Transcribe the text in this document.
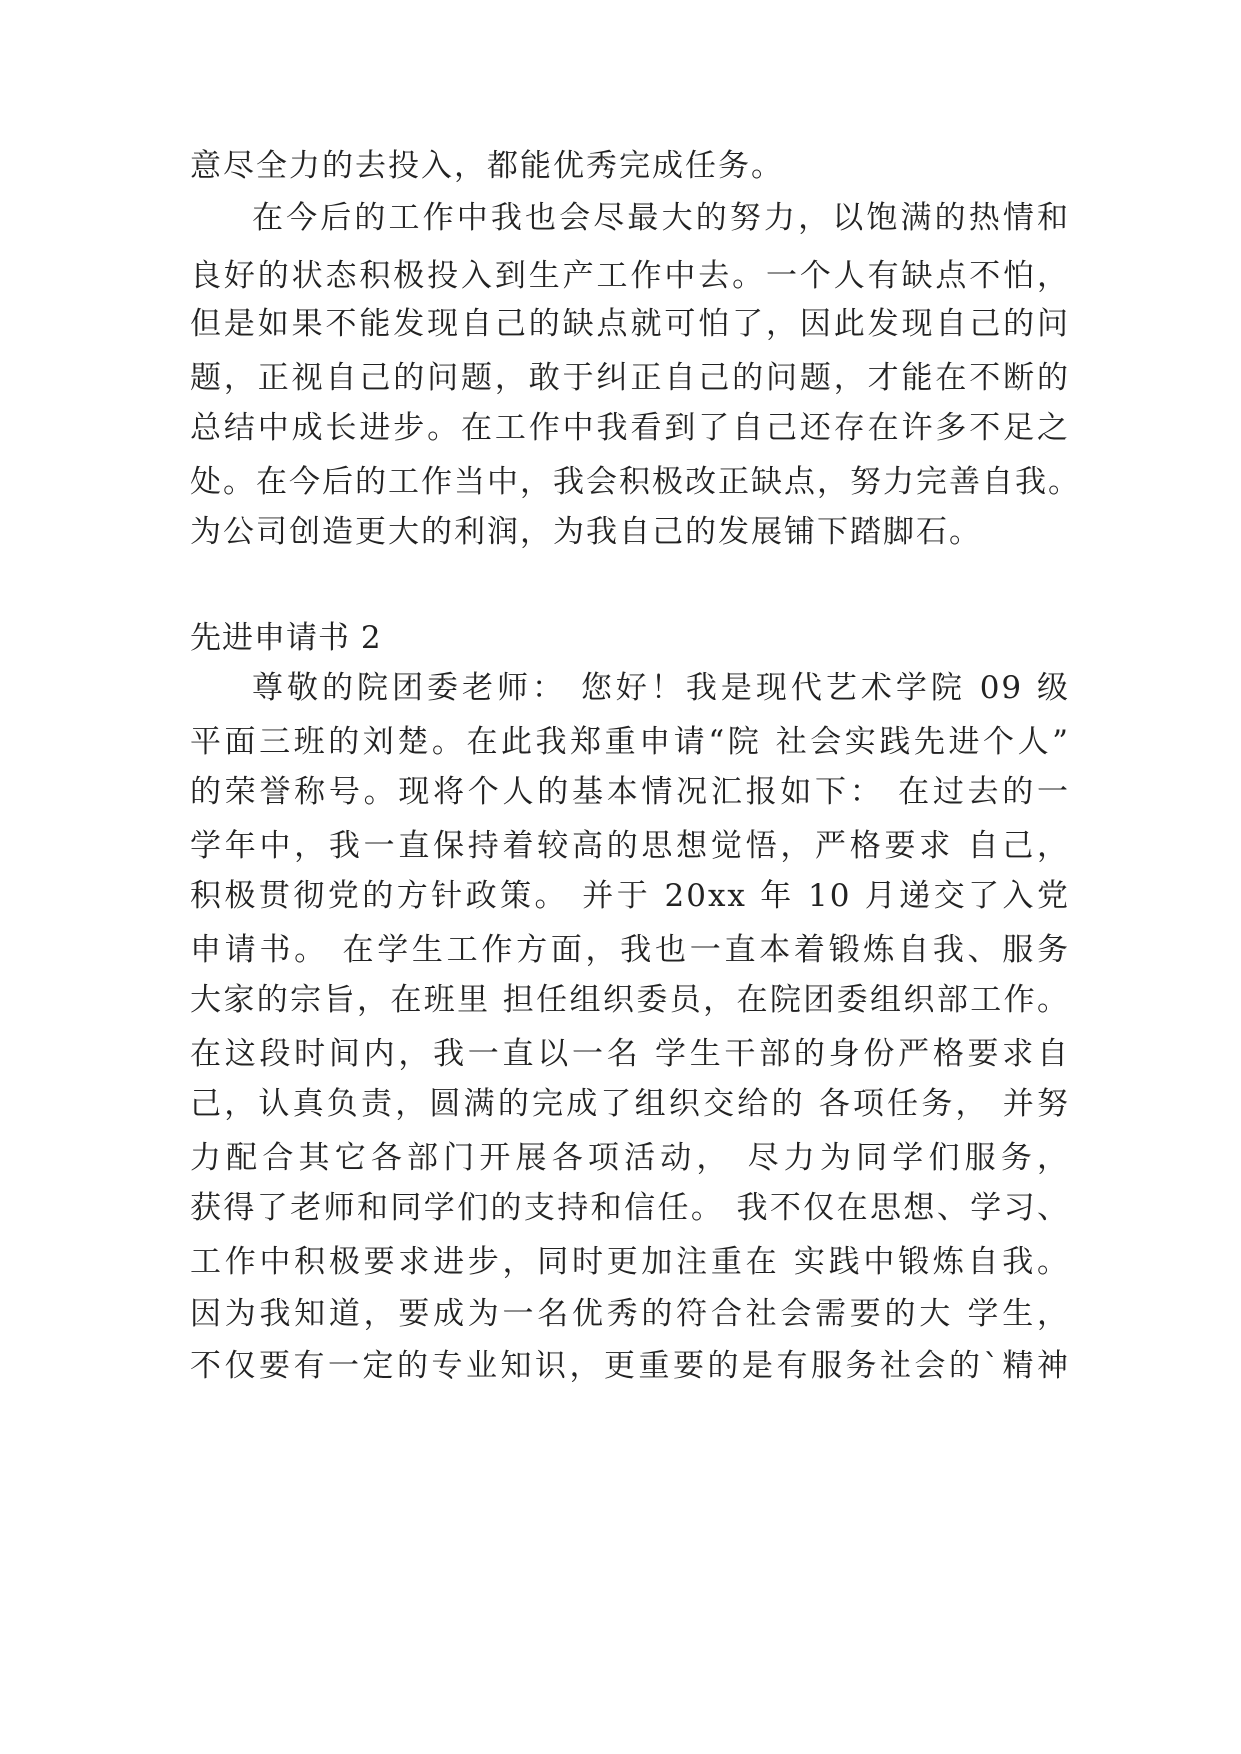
意尽全力的去投入，都能优秀完成任务。
在今后的工作中我也会尽最大的努力，以饱满的热情和
良好的状态积极投入到生产工作中去。一个人有缺点不怕，
但是如果不能发现自己的缺点就可怕了，因此发现自己的问
题，正视自己的问题，敢于纠正自己的问题，才能在不断的
总结中成长进步。在工作中我看到了自己还存在许多不足之
处。在今后的工作当中，我会积极改正缺点，努力完善自我。
为公司创造更大的利润，为我自己的发展铺下踏脚石。
先进申请书 2
尊敬的院团委老师： 您好！我是现代艺术学院 09 级
平面三班的刘楚。在此我郑重申请“院 社会实践先进个人”
的荣誉称号。现将个人的基本情况汇报如下： 在过去的一
学年中，我一直保持着较高的思想觉悟，严格要求 自己，
积极贯彻党的方针政策。 并于 20xx 年 10 月递交了入党
申请书。 在学生工作方面，我也一直本着锻炼自我、服务
大家的宗旨，在班里 担任组织委员，在院团委组织部工作。
在这段时间内，我一直以一名 学生干部的身份严格要求自
己，认真负责，圆满的完成了组织交给的 各项任务， 并努
力配合其它各部门开展各项活动， 尽力为同学们服务，
获得了老师和同学们的支持和信任。 我不仅在思想、学习、
工作中积极要求进步，同时更加注重在 实践中锻炼自我。
因为我知道，要成为一名优秀的符合社会需要的大 学生，
不仅要有一定的专业知识，更重要的是有服务社会的`精神
